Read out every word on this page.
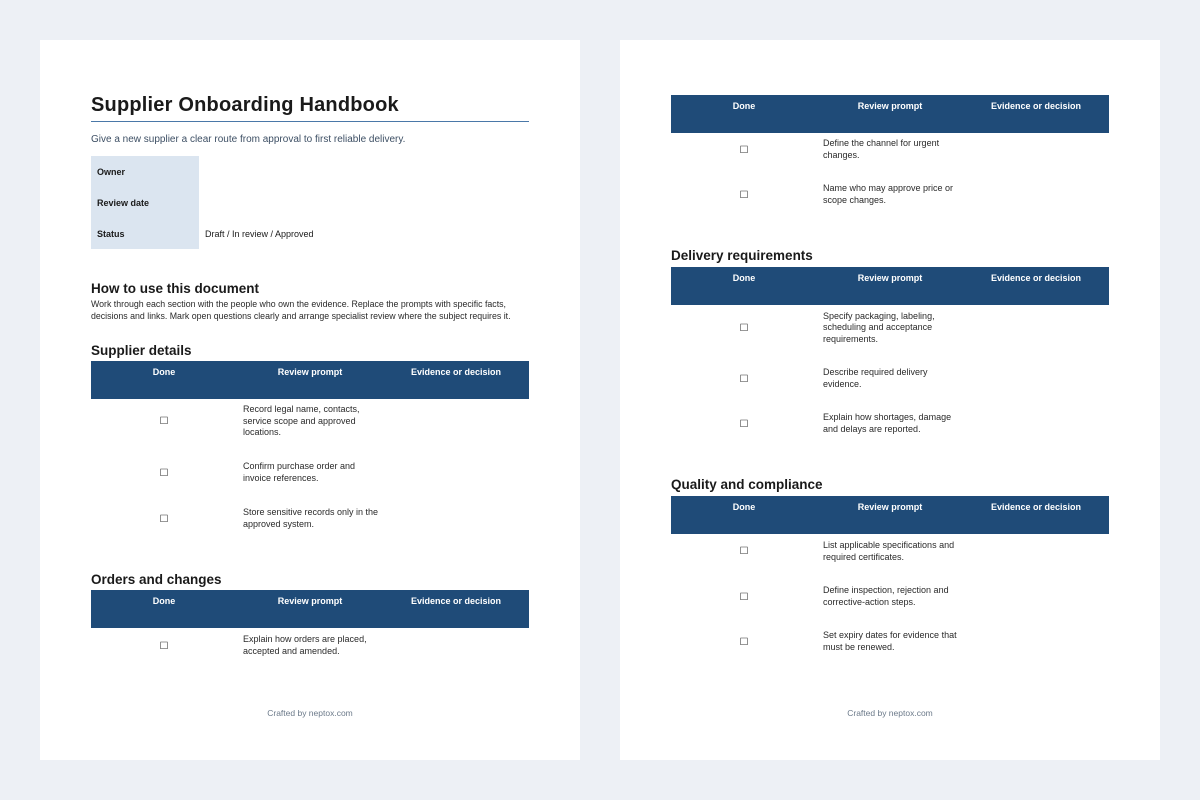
Supplier Onboarding Handbook
Give a new supplier a clear route from approval to first reliable delivery.
Owner	
Review date	
Status	Draft / In review / Approved
How to use this document
Work through each section with the people who own the evidence. Replace the prompts with specific facts, decisions and links. Mark open questions clearly and arrange specialist review where the subject requires it.
Supplier details
Done	Review prompt	Evidence or decision
☐	Record legal name, contacts, service scope and approved locations.	
☐	Confirm purchase order and invoice references.	
☐	Store sensitive records only in the approved system.	
Orders and changes
Done	Review prompt	Evidence or decision
☐	Explain how orders are placed, accepted and amended.	
Crafted by neptox.com
Done	Review prompt	Evidence or decision
☐	Define the channel for urgent changes.	
☐	Name who may approve price or scope changes.	
Delivery requirements
Done	Review prompt	Evidence or decision
☐	Specify packaging, labeling, scheduling and acceptance requirements.	
☐	Describe required delivery evidence.	
☐	Explain how shortages, damage and delays are reported.	
Quality and compliance
Done	Review prompt	Evidence or decision
☐	List applicable specifications and required certificates.	
☐	Define inspection, rejection and corrective-action steps.	
☐	Set expiry dates for evidence that must be renewed.	
Crafted by neptox.com
